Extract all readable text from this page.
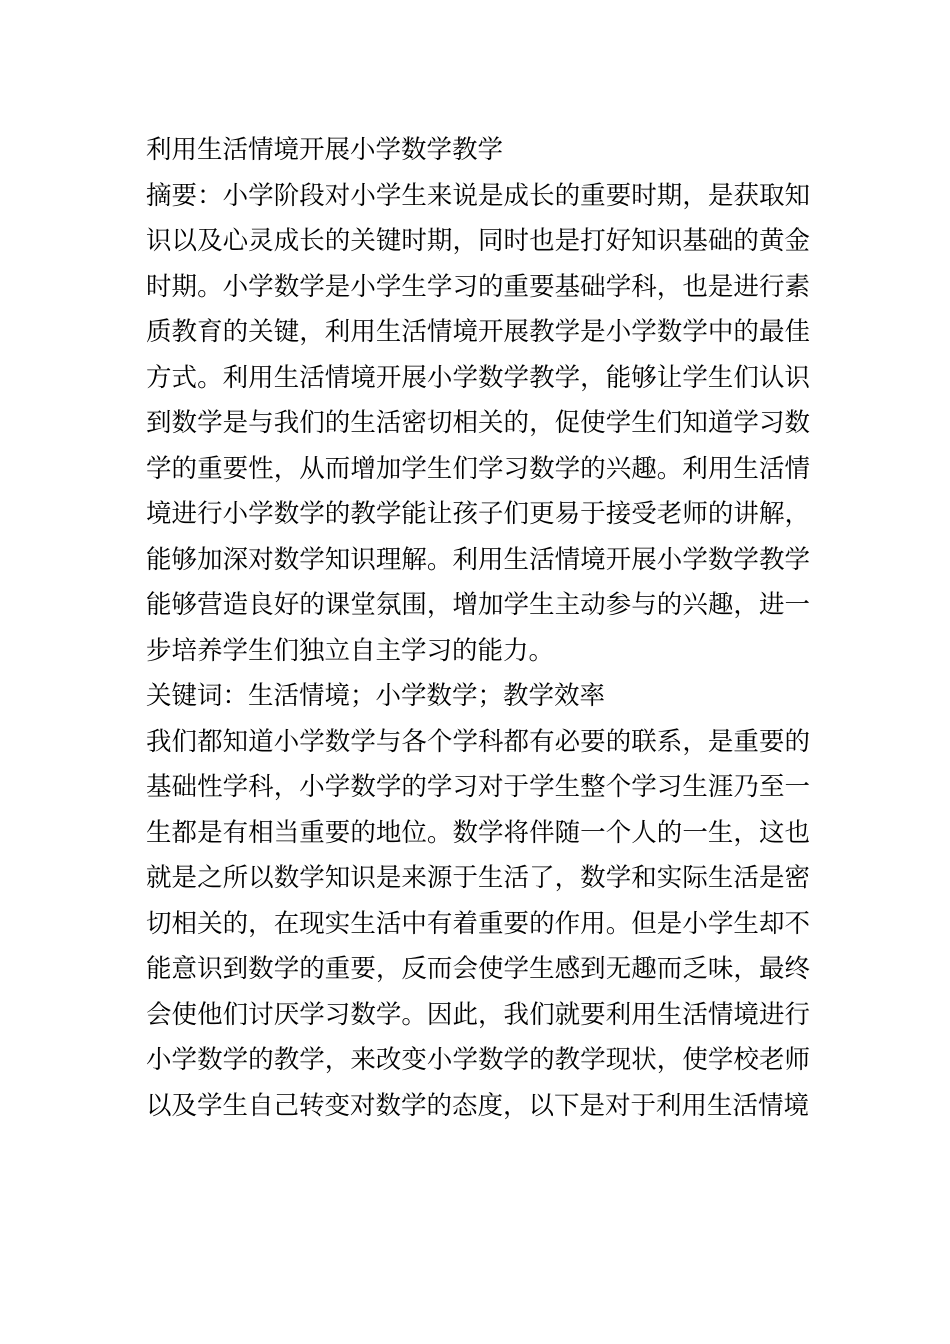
利用生活情境开展小学数学教学

摘要：小学阶段对小学生来说是成长的重要时期，是获取知识以及心灵成长的关键时期，同时也是打好知识基础的黄金时期。小学数学是小学生学习的重要基础学科，也是进行素质教育的关键，利用生活情境开展教学是小学数学中的最佳方式。利用生活情境开展小学数学教学，能够让学生们认识到数学是与我们的生活密切相关的，促使学生们知道学习数学的重要性，从而增加学生们学习数学的兴趣。利用生活情境进行小学数学的教学能让孩子们更易于接受老师的讲解，能够加深对数学知识理解。利用生活情境开展小学数学教学能够营造良好的课堂氛围，增加学生主动参与的兴趣，进一步培养学生们独立自主学习的能力。

关键词：生活情境；小学数学；教学效率

我们都知道小学数学与各个学科都有必要的联系，是重要的基础性学科，小学数学的学习对于学生整个学习生涯乃至一生都是有相当重要的地位。数学将伴随一个人的一生，这也就是之所以数学知识是来源于生活了，数学和实际生活是密切相关的，在现实生活中有着重要的作用。但是小学生却不能意识到数学的重要，反而会使学生感到无趣而乏味，最终会使他们讨厌学习数学。因此，我们就要利用生活情境进行小学数学的教学，来改变小学数学的教学现状，使学校老师以及学生自己转变对数学的态度，以下是对于利用生活情境
